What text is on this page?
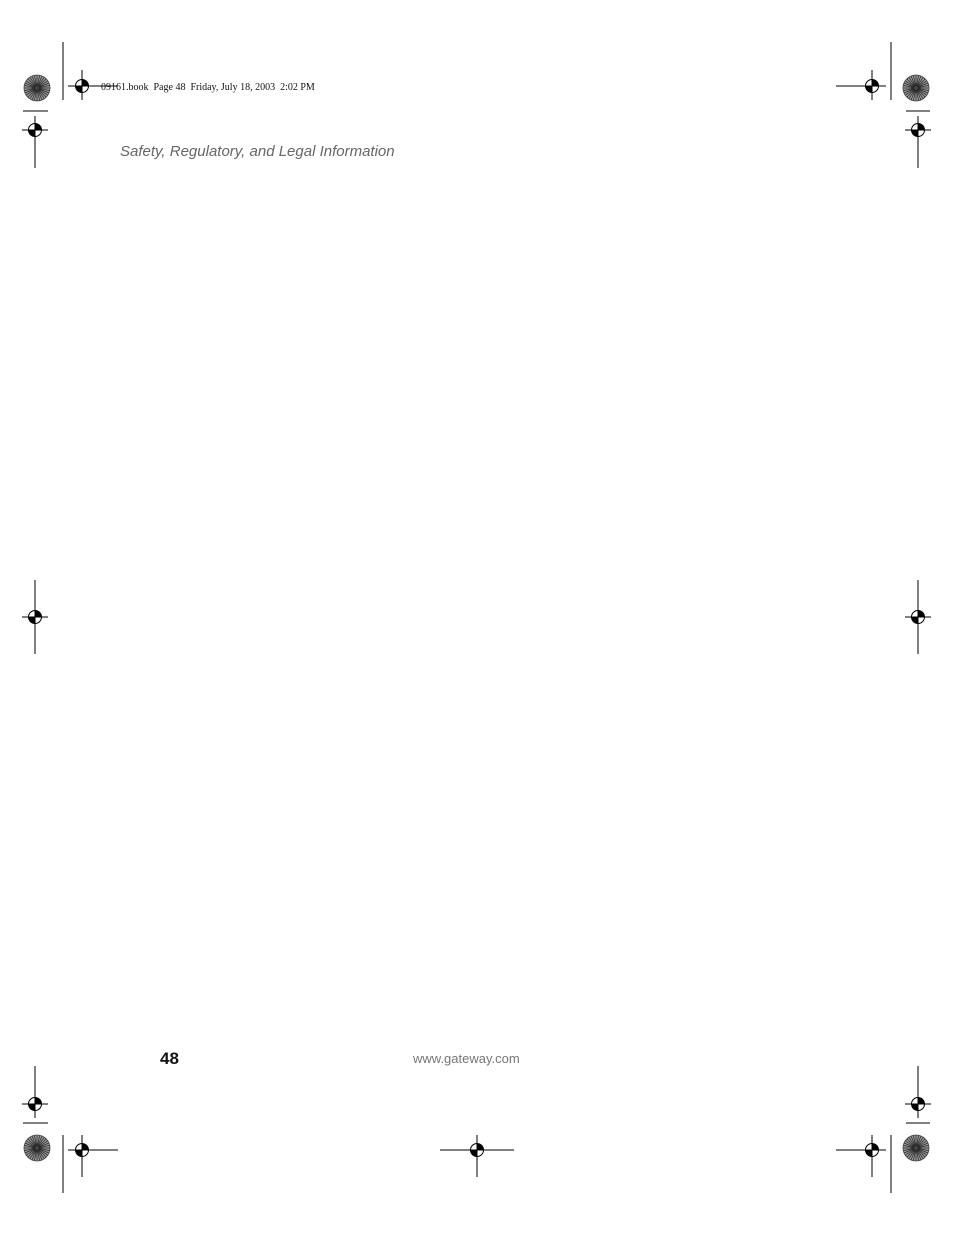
09161.book  Page 48  Friday, July 18, 2003  2:02 PM
Safety, Regulatory, and Legal Information
48	www.gateway.com
